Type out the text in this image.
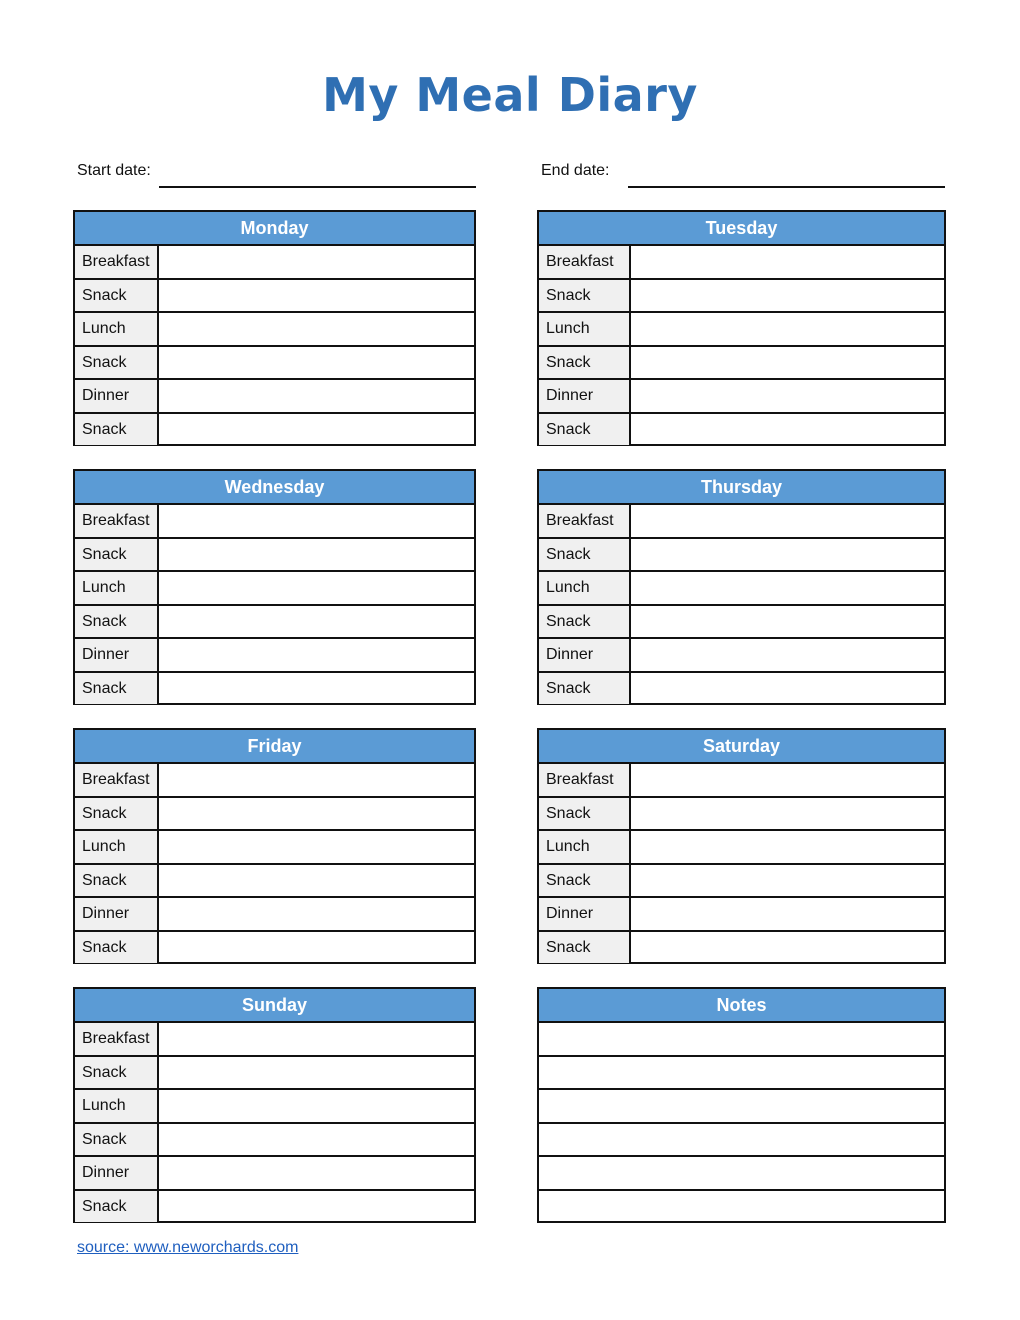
My Meal Diary
Start date:	End date:
Monday
Breakfast
Snack
Lunch
Snack
Dinner
Snack
Tuesday
Breakfast
Snack
Lunch
Snack
Dinner
Snack
Wednesday
Breakfast
Snack
Lunch
Snack
Dinner
Snack
Thursday
Breakfast
Snack
Lunch
Snack
Dinner
Snack
Friday
Breakfast
Snack
Lunch
Snack
Dinner
Snack
Saturday
Breakfast
Snack
Lunch
Snack
Dinner
Snack
Sunday
Breakfast
Snack
Lunch
Snack
Dinner
Snack
Notes
source: www.neworchards.com
